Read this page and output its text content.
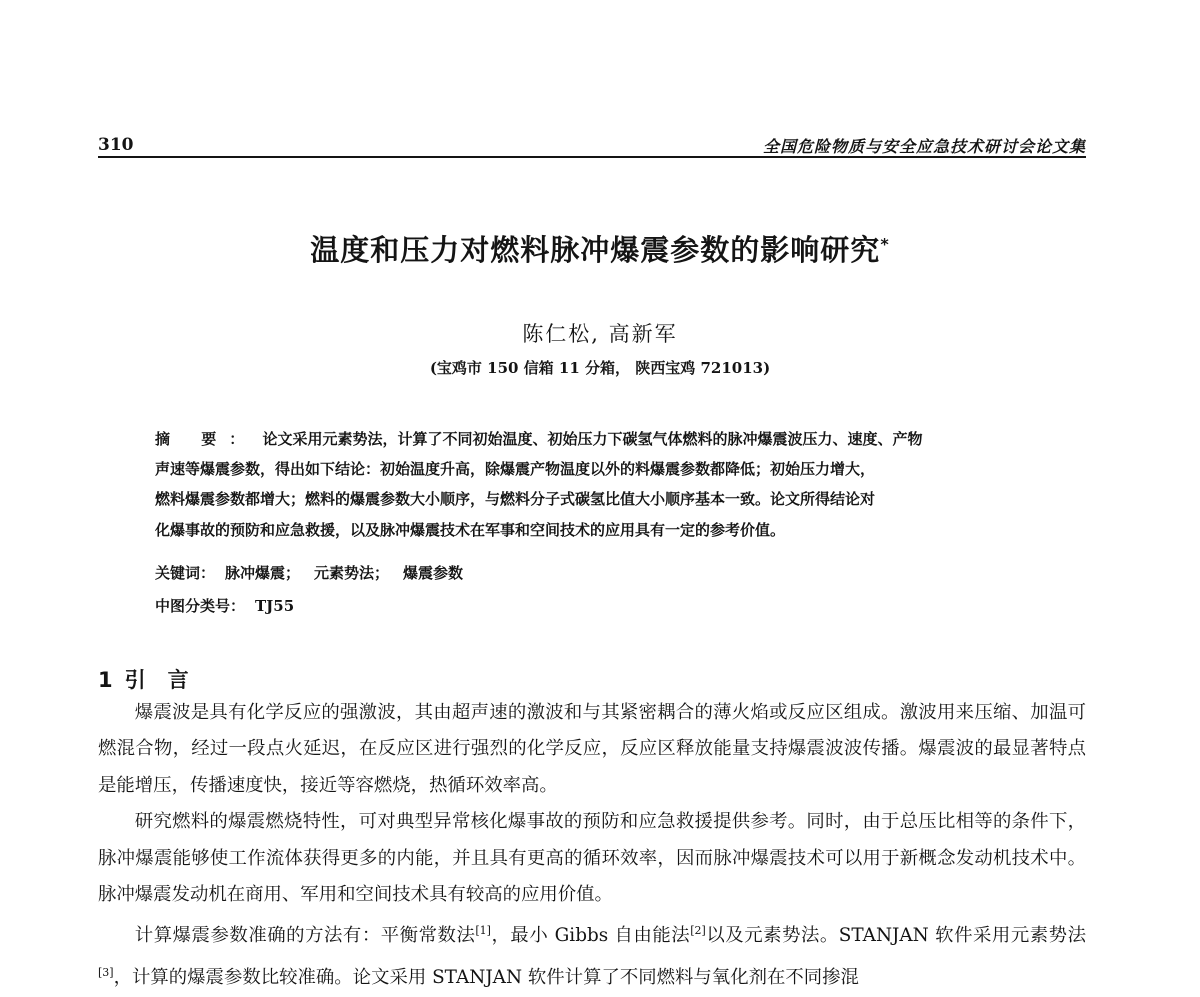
310	全国危险物质与安全应急技术研讨会论文集
温度和压力对燃料脉冲爆震参数的影响研究*
陈仁松, 高新军
(宝鸡市 150 信箱 11 分箱， 陕西宝鸡 721013)

摘 要： 论文采用元素势法，计算了不同初始温度、初始压力下碳氢气体燃料的脉冲爆震波压力、速度、产物

声速等爆震参数，得出如下结论：初始温度升高，除爆震产物温度以外的料爆震参数都降低；初始压力增大，

燃料爆震参数都增大；燃料的爆震参数大小顺序，与燃料分子式碳氢比值大小顺序基本一致。论文所得结论对

化爆事故的预防和应急救援，以及脉冲爆震技术在军事和空间技术的应用具有一定的参考价值。

关键词： 脉冲爆震； 元素势法； 爆震参数

中图分类号： TJ55

1 引言

爆震波是具有化学反应的强激波，其由超声速的激波和与其紧密耦合的薄火焰或反应区组成。激波用来压缩、加温可燃混合物，经过一段点火延迟，在反应区进行强烈的化学反应，反应区释放能量支持爆震波波传播。爆震波的最显著特点是能增压，传播速度快，接近等容燃烧，热循环效率高。

研究燃料的爆震燃烧特性，可对典型异常核化爆事故的预防和应急救援提供参考。同时，由于总压比相等的条件下，脉冲爆震能够使工作流体获得更多的内能，并且具有更高的循环效率，因而脉冲爆震技术可以用于新概念发动机技术中。脉冲爆震发动机在商用、军用和空间技术具有较高的应用价值。

计算爆震参数准确的方法有：平衡常数法[1]，最小 Gibbs 自由能法[2]以及元素势法。STANJAN 软件采用元素势法[3]，计算的爆震参数比较准确。论文采用 STANJAN 软件计算了不同燃料与氧化剂在不同掺混
